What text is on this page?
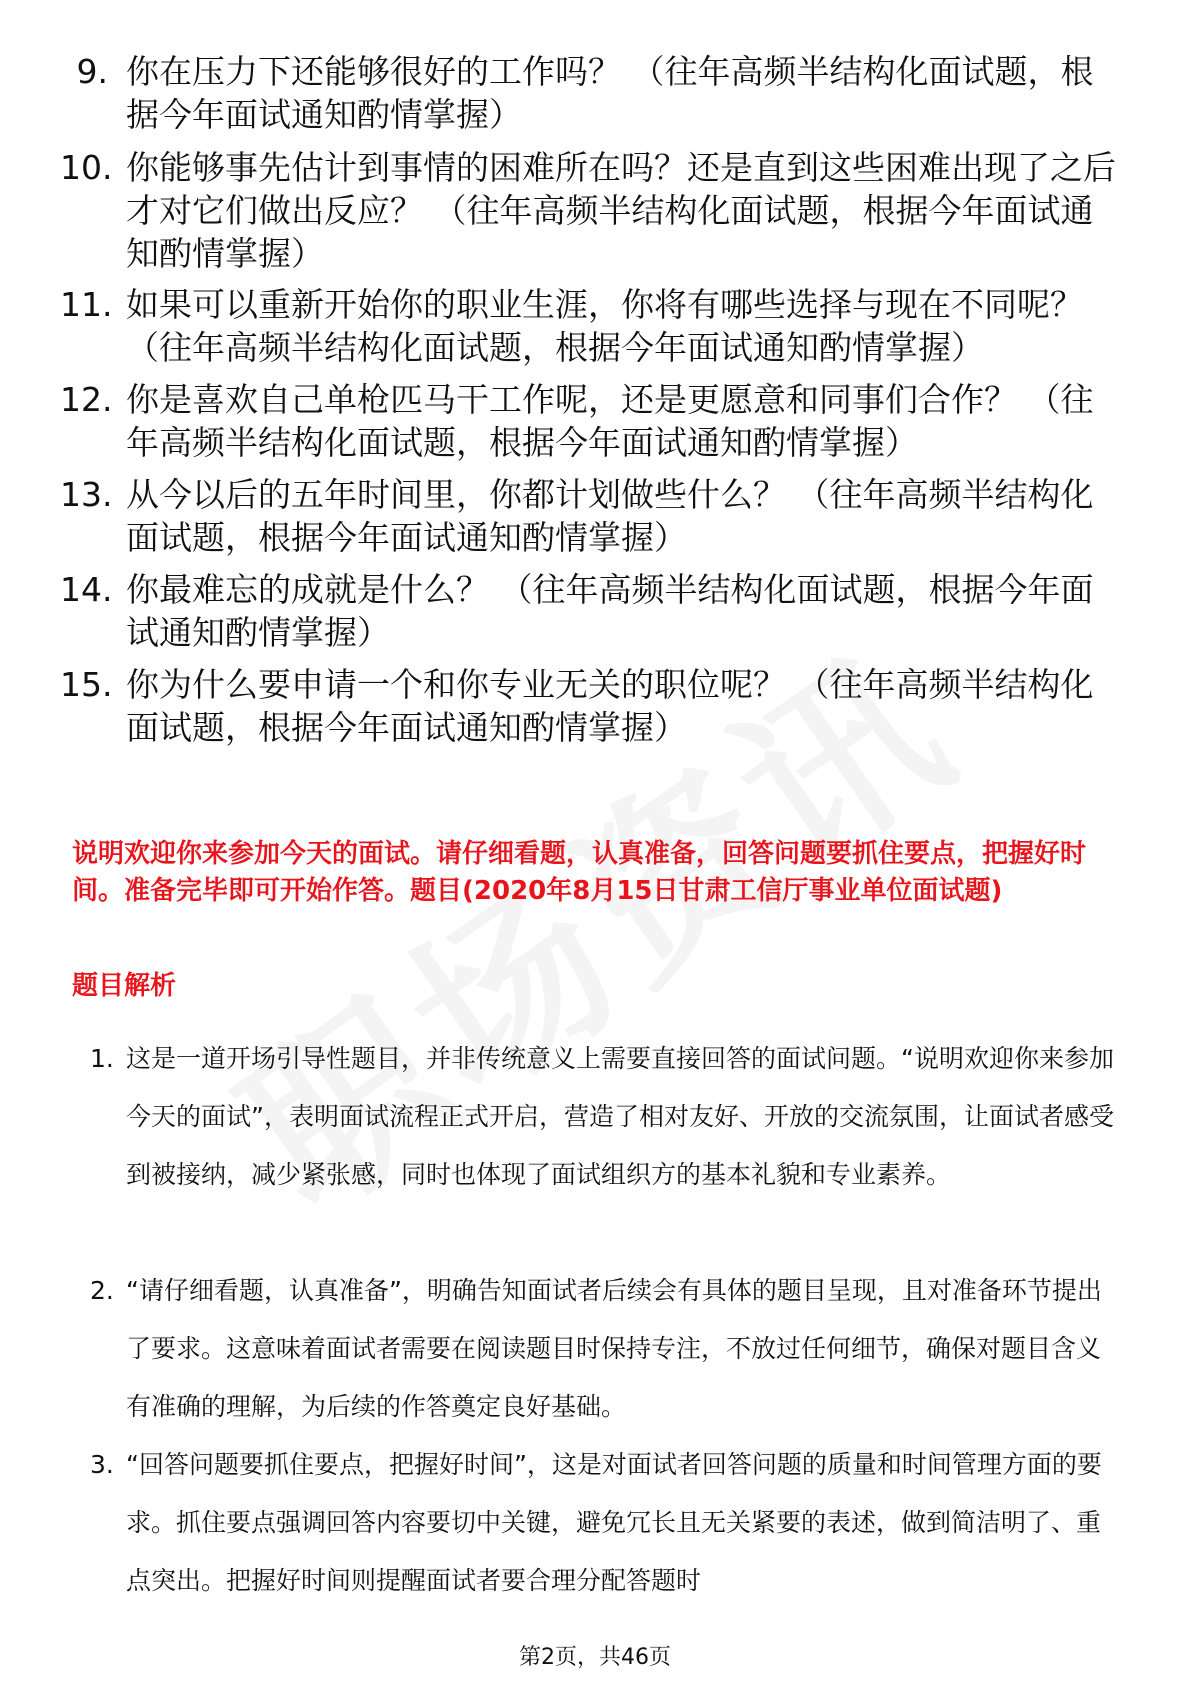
9. 你在压力下还能够很好的工作吗？ （往年高频半结构化面试题，根据今年面试通知酌情掌握）
10. 你能够事先估计到事情的困难所在吗？还是直到这些困难出现了之后才对它们做出反应？ （往年高频半结构化面试题，根据今年面试通知酌情掌握）
11. 如果可以重新开始你的职业生涯，你将有哪些选择与现在不同呢？ （往年高频半结构化面试题，根据今年面试通知酌情掌握）
12. 你是喜欢自己单枪匹马干工作呢，还是更愿意和同事们合作？ （往年高频半结构化面试题，根据今年面试通知酌情掌握）
13. 从今以后的五年时间里，你都计划做些什么？ （往年高频半结构化面试题，根据今年面试通知酌情掌握）
14. 你最难忘的成就是什么？ （往年高频半结构化面试题，根据今年面试通知酌情掌握）
15. 你为什么要申请一个和你专业无关的职位呢？ （往年高频半结构化面试题，根据今年面试通知酌情掌握）
说明欢迎你来参加今天的面试。请仔细看题，认真准备，回答问题要抓住要点，把握好时间。准备完毕即可开始作答。题目(2020年8月15日甘肃工信厅事业单位面试题)
题目解析
1. 这是一道开场引导性题目，并非传统意义上需要直接回答的面试问题。“说明欢迎你来参加今天的面试”，表明面试流程正式开启，营造了相对友好、开放的交流氛围，让面试者感受到被接纳，减少紧张感，同时也体现了面试组织方的基本礼貌和专业素养。
2. “请仔细看题，认真准备”，明确告知面试者后续会有具体的题目呈现，且对准备环节提出了要求。这意味着面试者需要在阅读题目时保持专注，不放过任何细节，确保对题目含义有准确的理解，为后续的作答奠定良好基础。
3. “回答问题要抓住要点，把握好时间”，这是对面试者回答问题的质量和时间管理方面的要求。抓住要点强调回答内容要切中关键，避免冗长且无关紧要的表述，做到简洁明了、重点突出。把握好时间则提醒面试者要合理分配答题时
第2页，共46页
